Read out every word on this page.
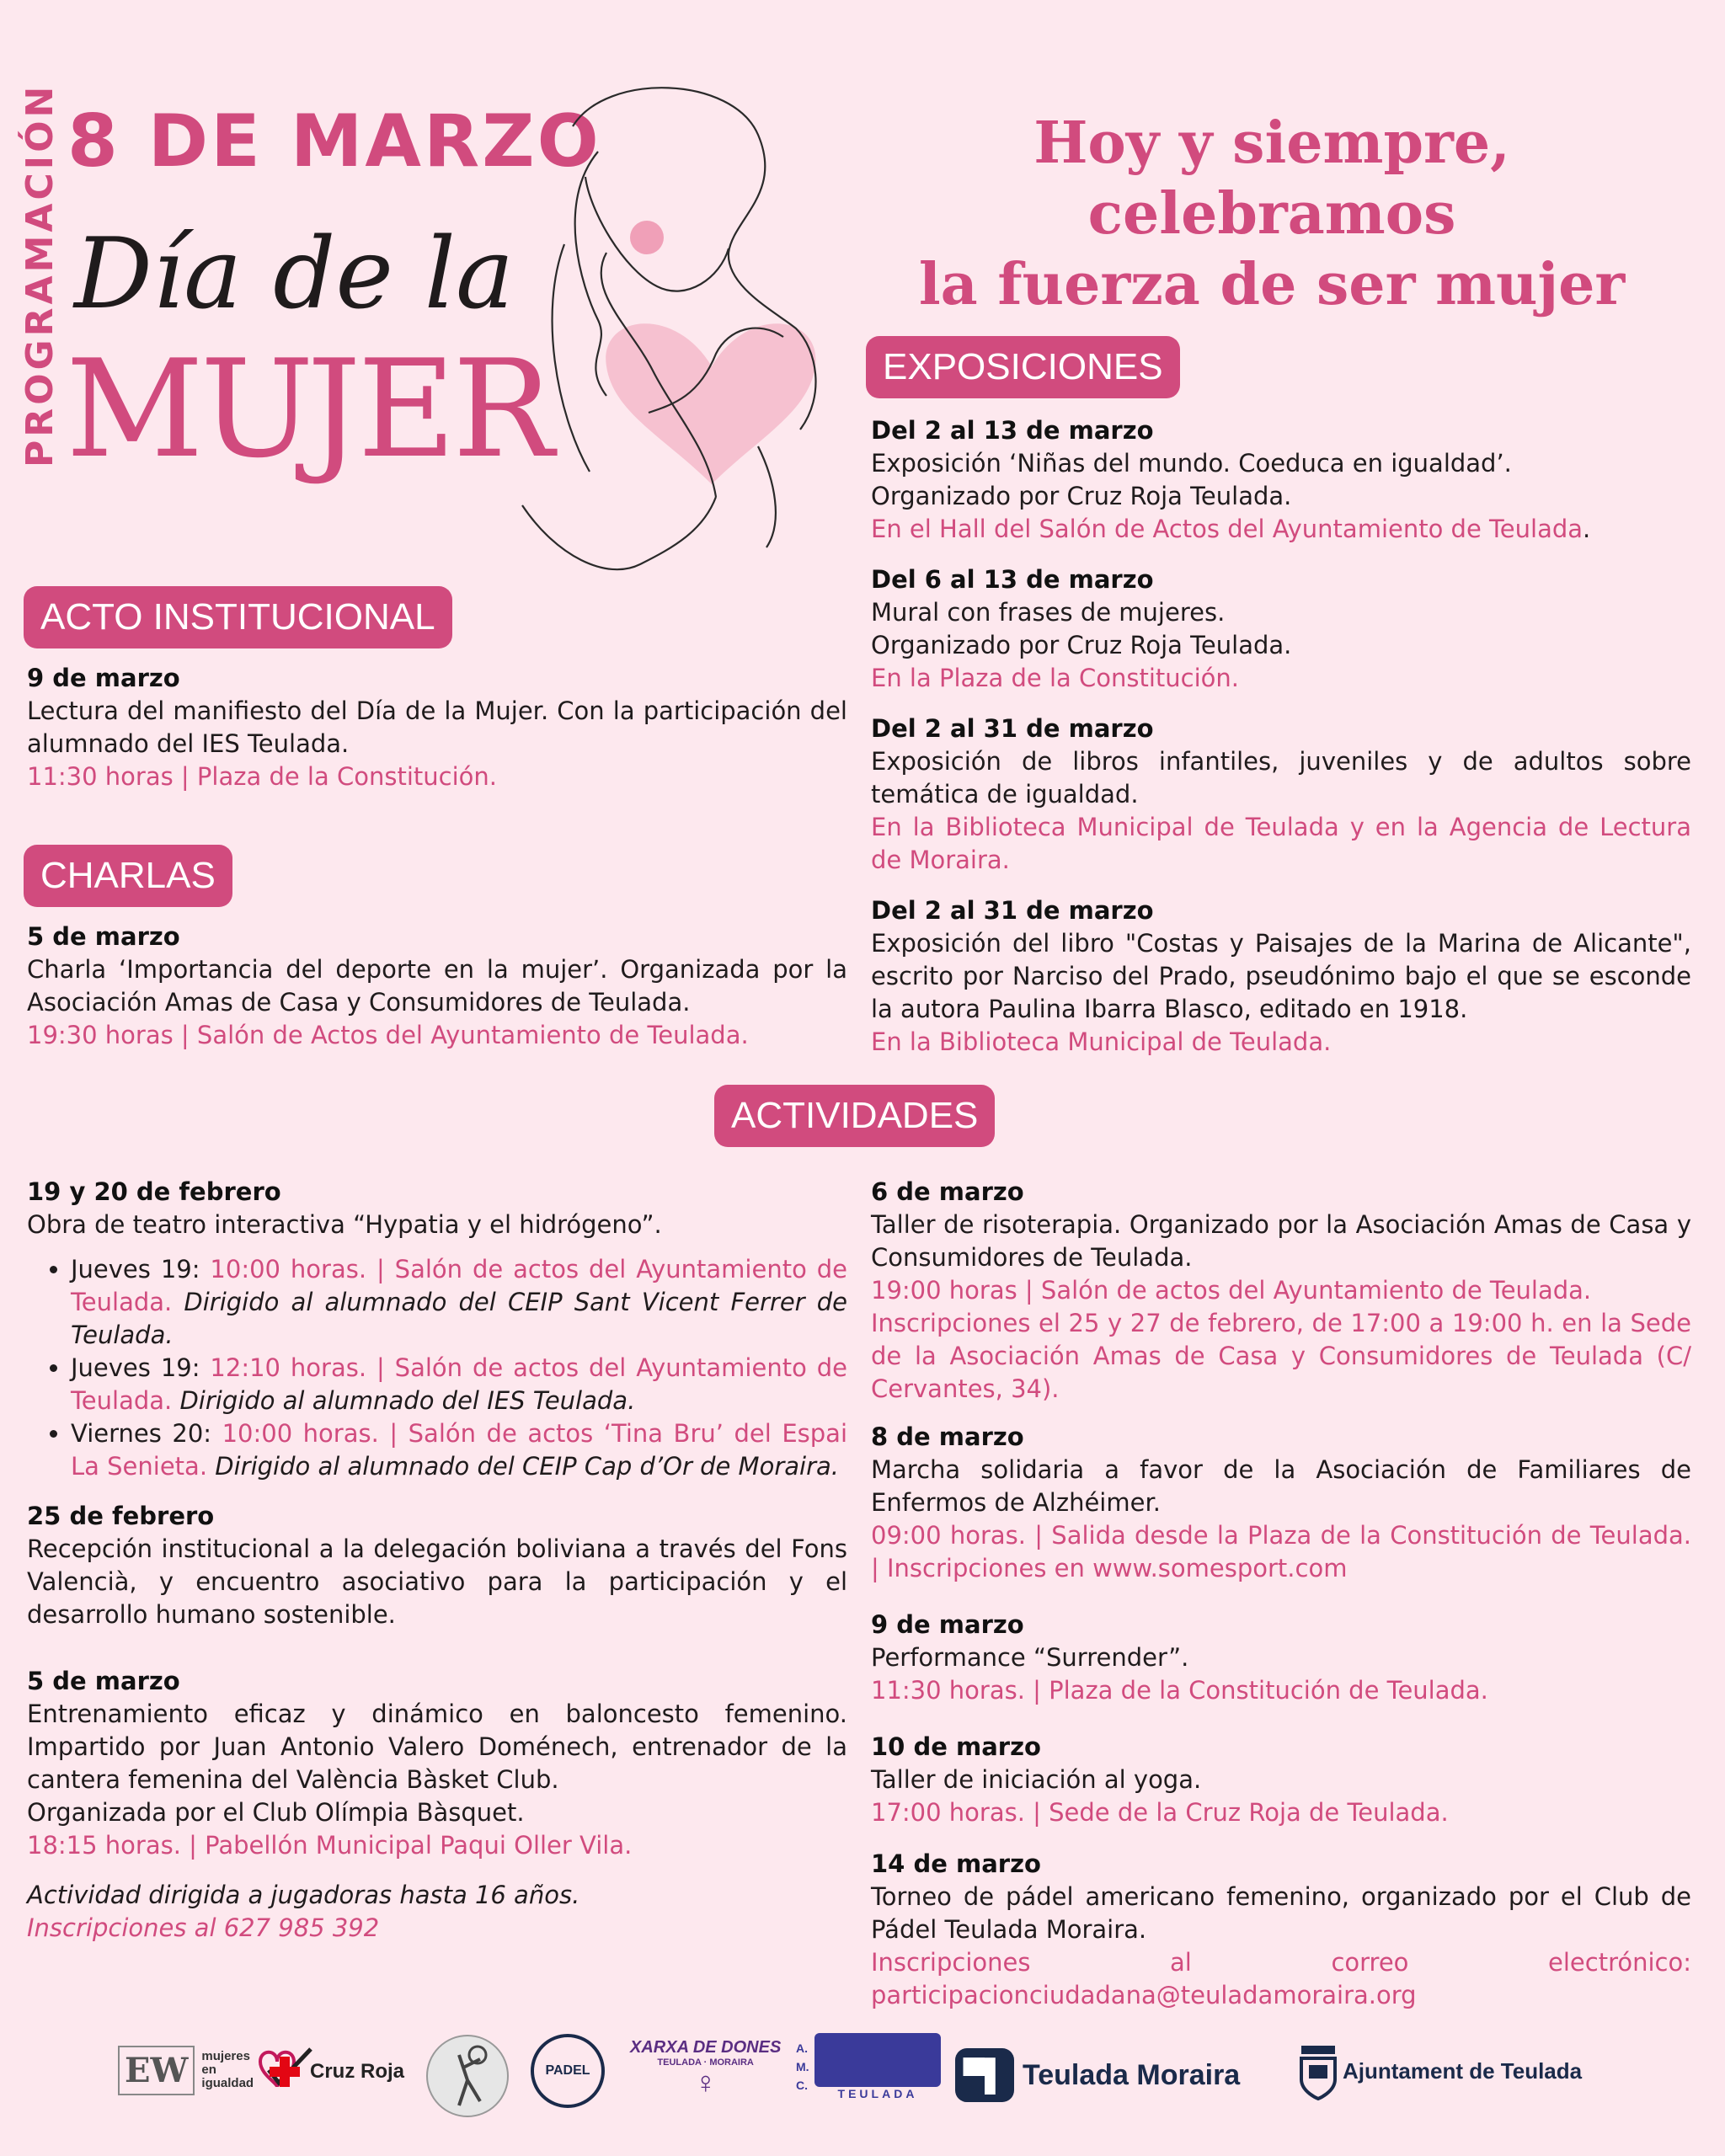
PROGRAMACIÓN 8 DE MARZO
Día de la
MUJER
Hoy y siempre, celebramos
la fuerza de ser mujer
ACTO INSTITUCIONAL

9 de marzo

Lectura del manifiesto del Día de la Mujer. Con la participación del alumnado del IES Teulada.

11:30 horas | Plaza de la Constitución.

CHARLAS

5 de marzo

Charla ‘Importancia del deporte en la mujer’. Organizada por la Asociación Amas de Casa y Consumidores de Teulada.

19:30 horas | Salón de Actos del Ayuntamiento de Teulada.

EXPOSICIONES

Del 2 al 13 de marzo

Exposición ‘Niñas del mundo. Coeduca en igualdad’.

Organizado por Cruz Roja Teulada.

En el Hall del Salón de Actos del Ayuntamiento de Teulada.

Del 6 al 13 de marzo

Mural con frases de mujeres.

Organizado por Cruz Roja Teulada.

En la Plaza de la Constitución.

Del 2 al 31 de marzo

Exposición de libros infantiles, juveniles y de adultos sobre temática de igualdad.

En la Biblioteca Municipal de Teulada y en la Agencia de Lectura de Moraira.

Del 2 al 31 de marzo

Exposición del libro "Costas y Paisajes de la Marina de Alicante", escrito por Narciso del Prado, pseudónimo bajo el que se esconde la autora Paulina Ibarra Blasco, editado en 1918.

En la Biblioteca Municipal de Teulada.

ACTIVIDADES

19 y 20 de febrero

Obra de teatro interactiva “Hypatia y el hidrógeno”.

• Jueves 19: 10:00 horas. | Salón de actos del Ayuntamiento de Teulada. Dirigido al alumnado del CEIP Sant Vicent Ferrer de Teulada.
• Jueves 19: 12:10 horas. | Salón de actos del Ayuntamiento de Teulada. Dirigido al alumnado del IES Teulada.
• Viernes 20: 10:00 horas. | Salón de actos ‘Tina Bru’ del Espai La Senieta. Dirigido al alumnado del CEIP Cap d’Or de Moraira.

25 de febrero

Recepción institucional a la delegación boliviana a través del Fons Valencià, y encuentro asociativo para la participación y el desarrollo humano sostenible.

5 de marzo

Entrenamiento eficaz y dinámico en baloncesto femenino. Impartido por Juan Antonio Valero Doménech, entrenador de la cantera femenina del València Bàsket Club.

Organizada por el Club Olímpia Bàsquet.

18:15 horas. | Pabellón Municipal Paqui Oller Vila.

Actividad dirigida a jugadoras hasta 16 años.

Inscripciones al 627 985 392

6 de marzo

Taller de risoterapia. Organizado por la Asociación Amas de Casa y Consumidores de Teulada.

19:00 horas | Salón de actos del Ayuntamiento de Teulada.

Inscripciones el 25 y 27 de febrero, de 17:00 a 19:00 h. en la Sede de la Asociación Amas de Casa y Consumidores de Teulada (C/ Cervantes, 34).

8 de marzo

Marcha solidaria a favor de la Asociación de Familiares de Enfermos de Alzhéimer.

09:00 horas. | Salida desde la Plaza de la Constitución de Teulada. | Inscripciones en www.somesport.com

9 de marzo

Performance “Surrender”.

11:30 horas. | Plaza de la Constitución de Teulada.

10 de marzo

Taller de iniciación al yoga.

17:00 horas. | Sede de la Cruz Roja de Teulada.

14 de marzo

Torneo de pádel americano femenino, organizado por el Club de Pádel Teulada Moraira.

Inscripciones al correo electrónico: participacionciudadana@teuladamoraira.org

EW	mujeres en igualdad
Cruz Roja	PADEL
XARXA DE DONES
TEULADA · MORAIRA
♀
A. M. C.
TEULADA
▀▌ Teulada Moraira	Ajuntament de Teulada
